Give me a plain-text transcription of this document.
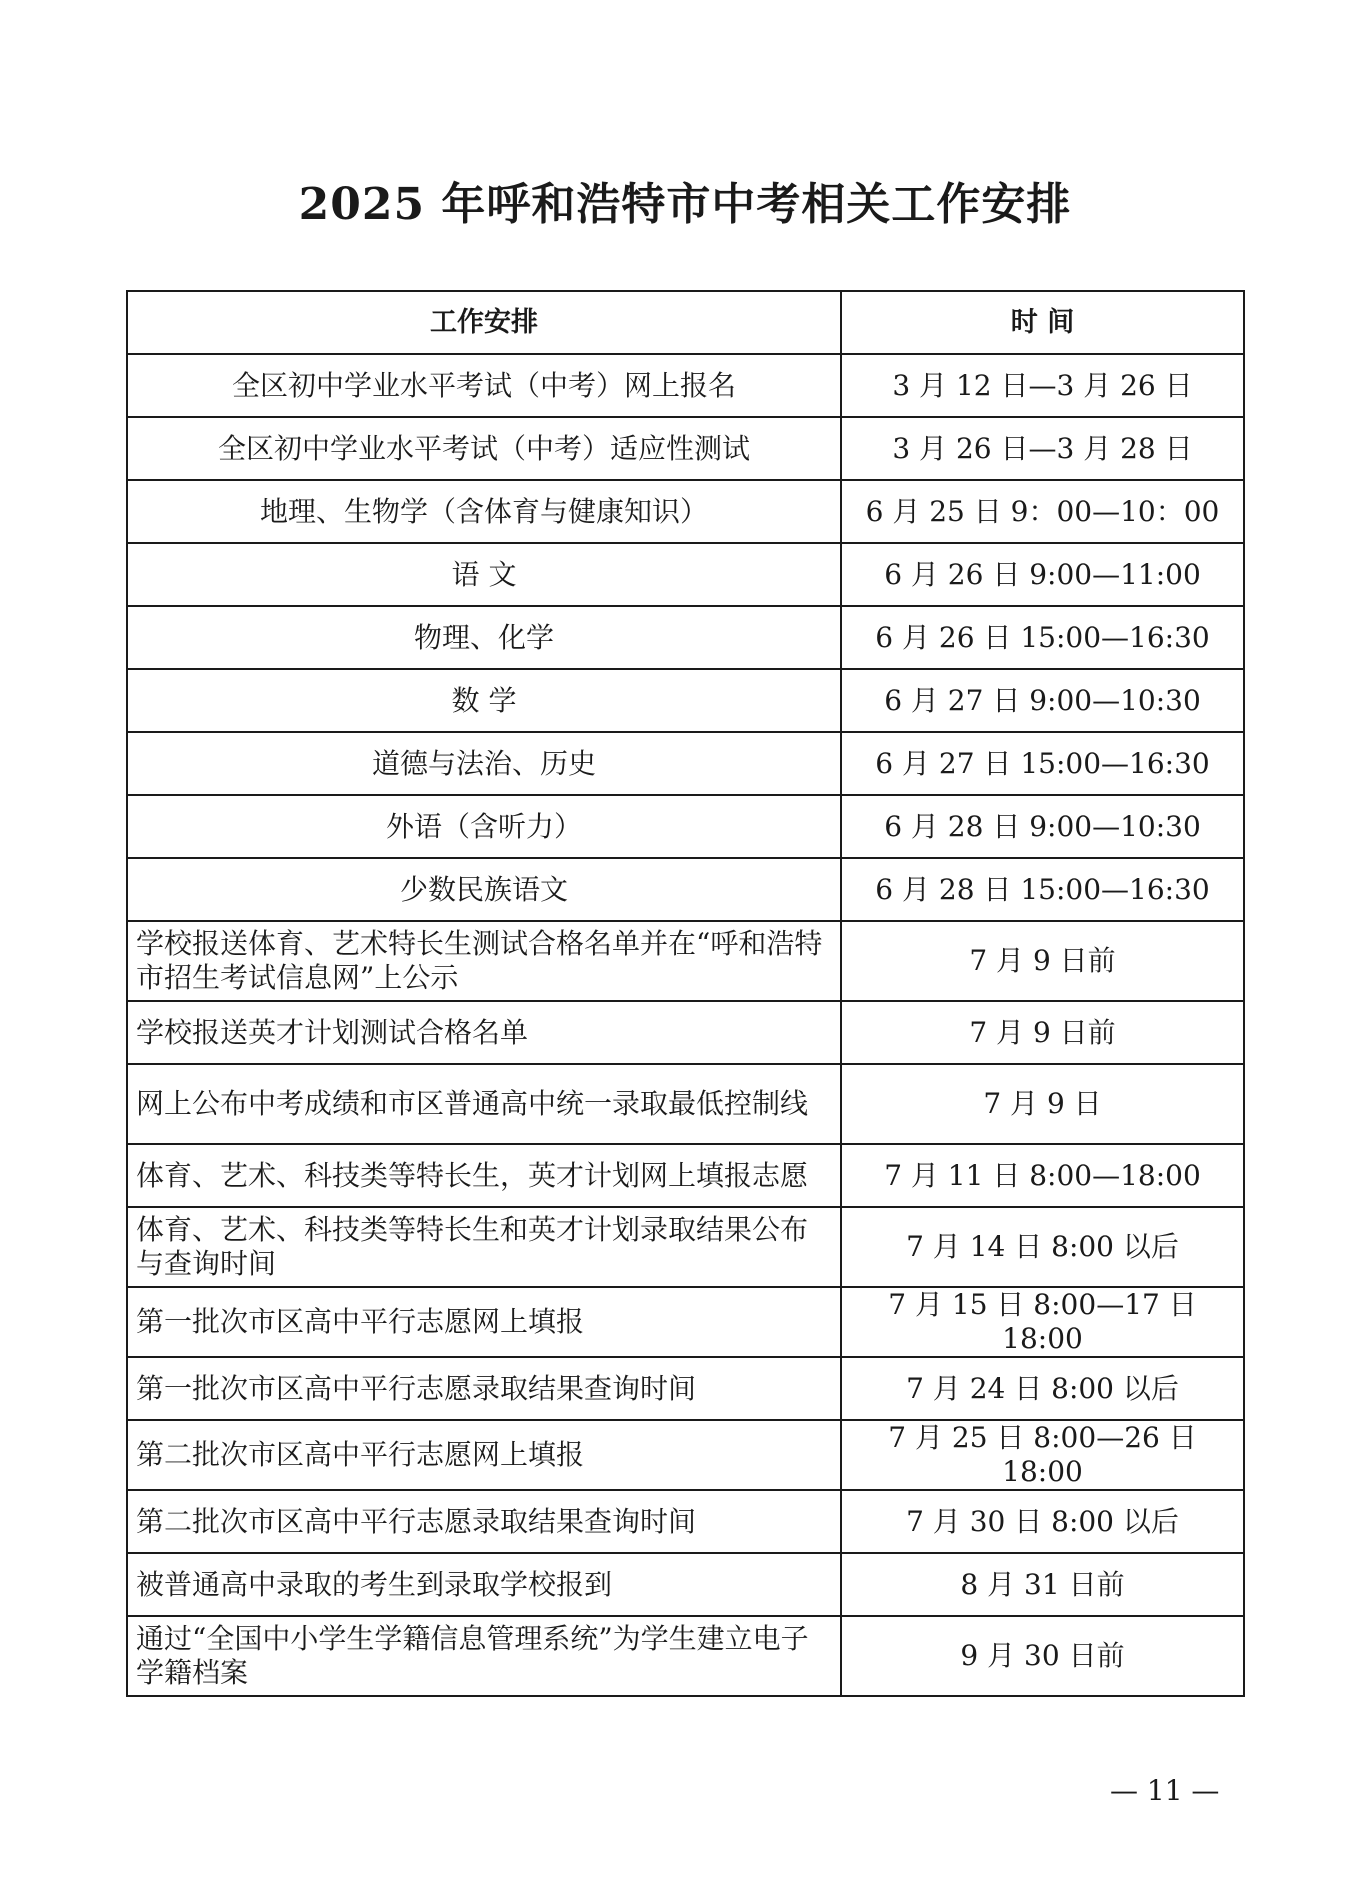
2025 年呼和浩特市中考相关工作安排
工作安排	时 间
全区初中学业水平考试（中考）网上报名	3 月 12 日—3 月 26 日
全区初中学业水平考试（中考）适应性测试	3 月 26 日—3 月 28 日
地理、生物学（含体育与健康知识）	6 月 25 日 9：00—10：00
语 文	6 月 26 日 9:00—11:00
物理、化学	6 月 26 日 15:00—16:30
数 学	6 月 27 日 9:00—10:30
道德与法治、历史	6 月 27 日 15:00—16:30
外语（含听力）	6 月 28 日 9:00—10:30
少数民族语文	6 月 28 日 15:00—16:30
学校报送体育、艺术特长生测试合格名单并在“呼和浩特市招生考试信息网”上公示	7 月 9 日前
学校报送英才计划测试合格名单	7 月 9 日前
网上公布中考成绩和市区普通高中统一录取最低控制线	7 月 9 日
体育、艺术、科技类等特长生，英才计划网上填报志愿	7 月 11 日 8:00—18:00
体育、艺术、科技类等特长生和英才计划录取结果公布与查询时间	7 月 14 日 8:00 以后
第一批次市区高中平行志愿网上填报	7 月 15 日 8:00—17 日 18:00
第一批次市区高中平行志愿录取结果查询时间	7 月 24 日 8:00 以后
第二批次市区高中平行志愿网上填报	7 月 25 日 8:00—26 日 18:00
第二批次市区高中平行志愿录取结果查询时间	7 月 30 日 8:00 以后
被普通高中录取的考生到录取学校报到	8 月 31 日前
通过“全国中小学生学籍信息管理系统”为学生建立电子学籍档案	9 月 30 日前
— 11 —
